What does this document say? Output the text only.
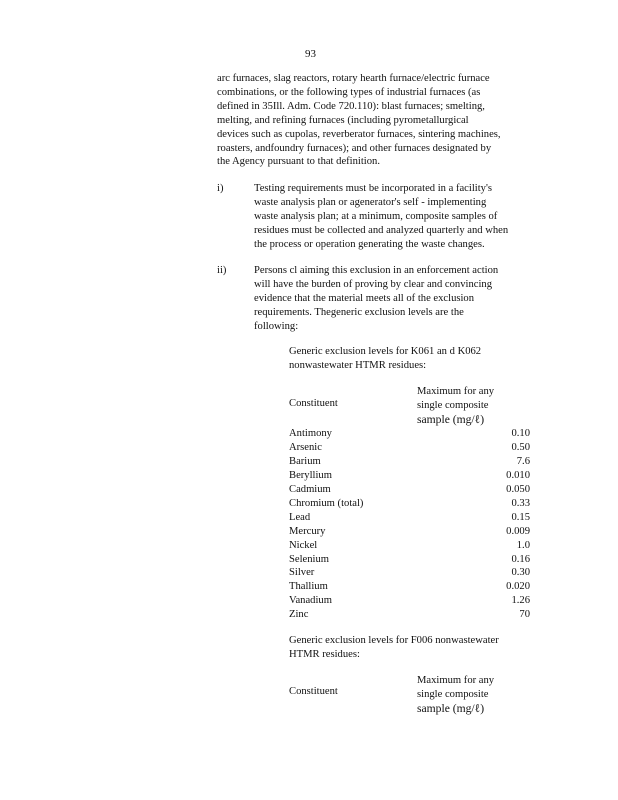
93
arc furnaces, slag reactors, rotary hearth furnace/electric furnace
combinations, or the following types of industrial furnaces (as
defined in 35Ill. Adm. Code 720.110): blast furnaces; smelting,
melting, and refining furnaces (including pyrometallurgical
devices such as cupolas, reverberator furnaces, sintering machines,
roasters, andfoundry furnaces); and other furnaces designated by
the Agency pursuant to that definition.
i)	Testing requirements must be incorporated in a facility's
waste analysis plan or agenerator's self - implementing
waste analysis plan; at a minimum, composite samples of
residues must be collected and analyzed quarterly and when
the process or operation generating the waste changes.
ii)	Persons cl aiming this exclusion in an enforcement action
will have the burden of proving by clear and convincing
evidence that the material meets all of the exclusion
requirements. Thegeneric exclusion levels are the
following:
Generic exclusion levels for K061 an d K062
nonwastewater HTMR residues:
Constituent
Maximum for any
single composite
sample (mg/ℓ)
Antimony	0.10
Arsenic	0.50
Barium	7.6
Beryllium	0.010
Cadmium	0.050
Chromium (total)	0.33
Lead	0.15
Mercury	0.009
Nickel	1.0
Selenium	0.16
Silver	0.30
Thallium	0.020
Vanadium	1.26
Zinc	70
Generic exclusion levels for F006 nonwastewater
HTMR residues:
Constituent
Maximum for any
single composite
sample (mg/ℓ)
